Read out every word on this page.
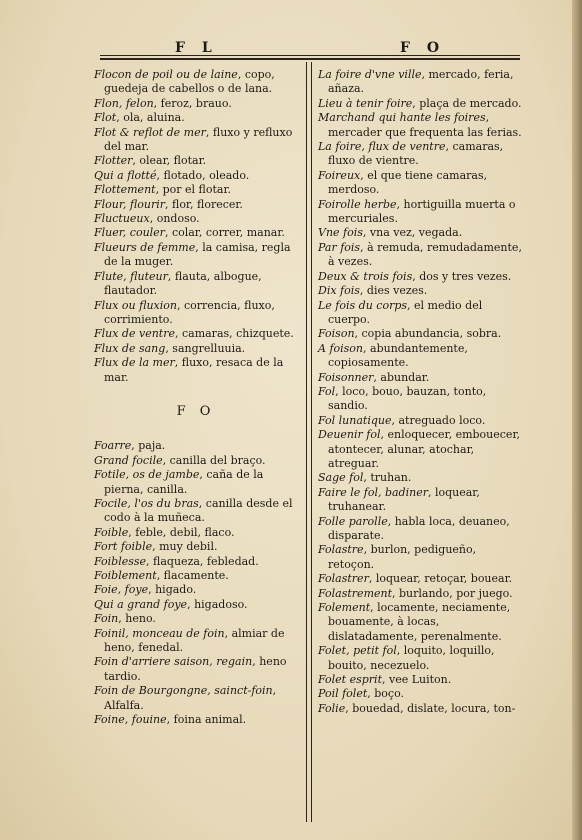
F L	F O

Flocon de poil ou de laine, copo, guedeja de cabellos o de lana.

Flon, felon, feroz, brauo.

Flot, ola, aluina.

Flot & reflot de mer, fluxo y refluxo del mar.

Flotter, olear, flotar.

Qui a flotté, flotado, oleado.

Flottement, por el flotar.

Flour, flourir, flor, florecer.

Fluctueux, ondoso.

Fluer, couler, colar, correr, manar.

Flueurs de femme, la camisa, regla de la muger.

Flute, fluteur, flauta, albogue, flautador.

Flux ou fluxion, correncia, fluxo, corrimiento.

Flux de ventre, camaras, chizquete.

Flux de sang, sangrelluuia.

Flux de la mer, fluxo, resaca de la mar.

F O

Foarre, paja.

Grand focile, canilla del braço.

Fotile, os de jambe, caña de la pierna, canilla.

Focile, l'os du bras, canilla desde el codo à la muñeca.

Foible, feble, debil, flaco.

Fort foible, muy debil.

Foiblesse, flaqueza, febledad.

Foiblement, flacamente.

Foie, foye, higado.

Qui a grand foye, higadoso.

Foin, heno.

Foinil, monceau de foin, almiar de heno, fenedal.

Foin d'arriere saison, regain, heno tardio.

Foin de Bourgongne, sainct-foin, Alfalfa.

Foine, fouine, foina animal.

La foire d'vne ville, mercado, feria, añaza.

Lieu à tenir foire, plaça de mercado.

Marchand qui hante les foires, mercader que frequenta las ferias.

La foire, flux de ventre, camaras, fluxo de vientre.

Foireux, el que tiene camaras, merdoso.

Foirolle herbe, hortiguilla muerta o mercuriales.

Vne fois, vna vez, vegada.

Par fois, à remuda, remudadamente, à vezes.

Deux & trois fois, dos y tres vezes.

Dix fois, dies vezes.

Le fois du corps, el medio del cuerpo.

Foison, copia abundancia, sobra.

A foison, abundantemente, copiosamente.

Foisonner, abundar.

Fol, loco, bouo, bauzan, tonto, sandio.

Fol lunatique, atreguado loco.

Deuenir fol, enloquecer, embouecer, atontecer, alunar, atochar, atreguar.

Sage fol, truhan.

Faire le fol, badiner, loquear, truhanear.

Folle parolle, habla loca, deuaneo, disparate.

Folastre, burlon, pedigueño, retoçon.

Folastrer, loquear, retoçar, bouear.

Folastrement, burlando, por juego.

Folement, locamente, neciamente, bouamente, à locas, dislatadamente, perenalmente.

Folet, petit fol, loquito, loquillo, bouito, necezuelo.

Folet esprit, vee Luiton.

Poil folet, boço.

Folie, bouedad, dislate, locura, ton-
